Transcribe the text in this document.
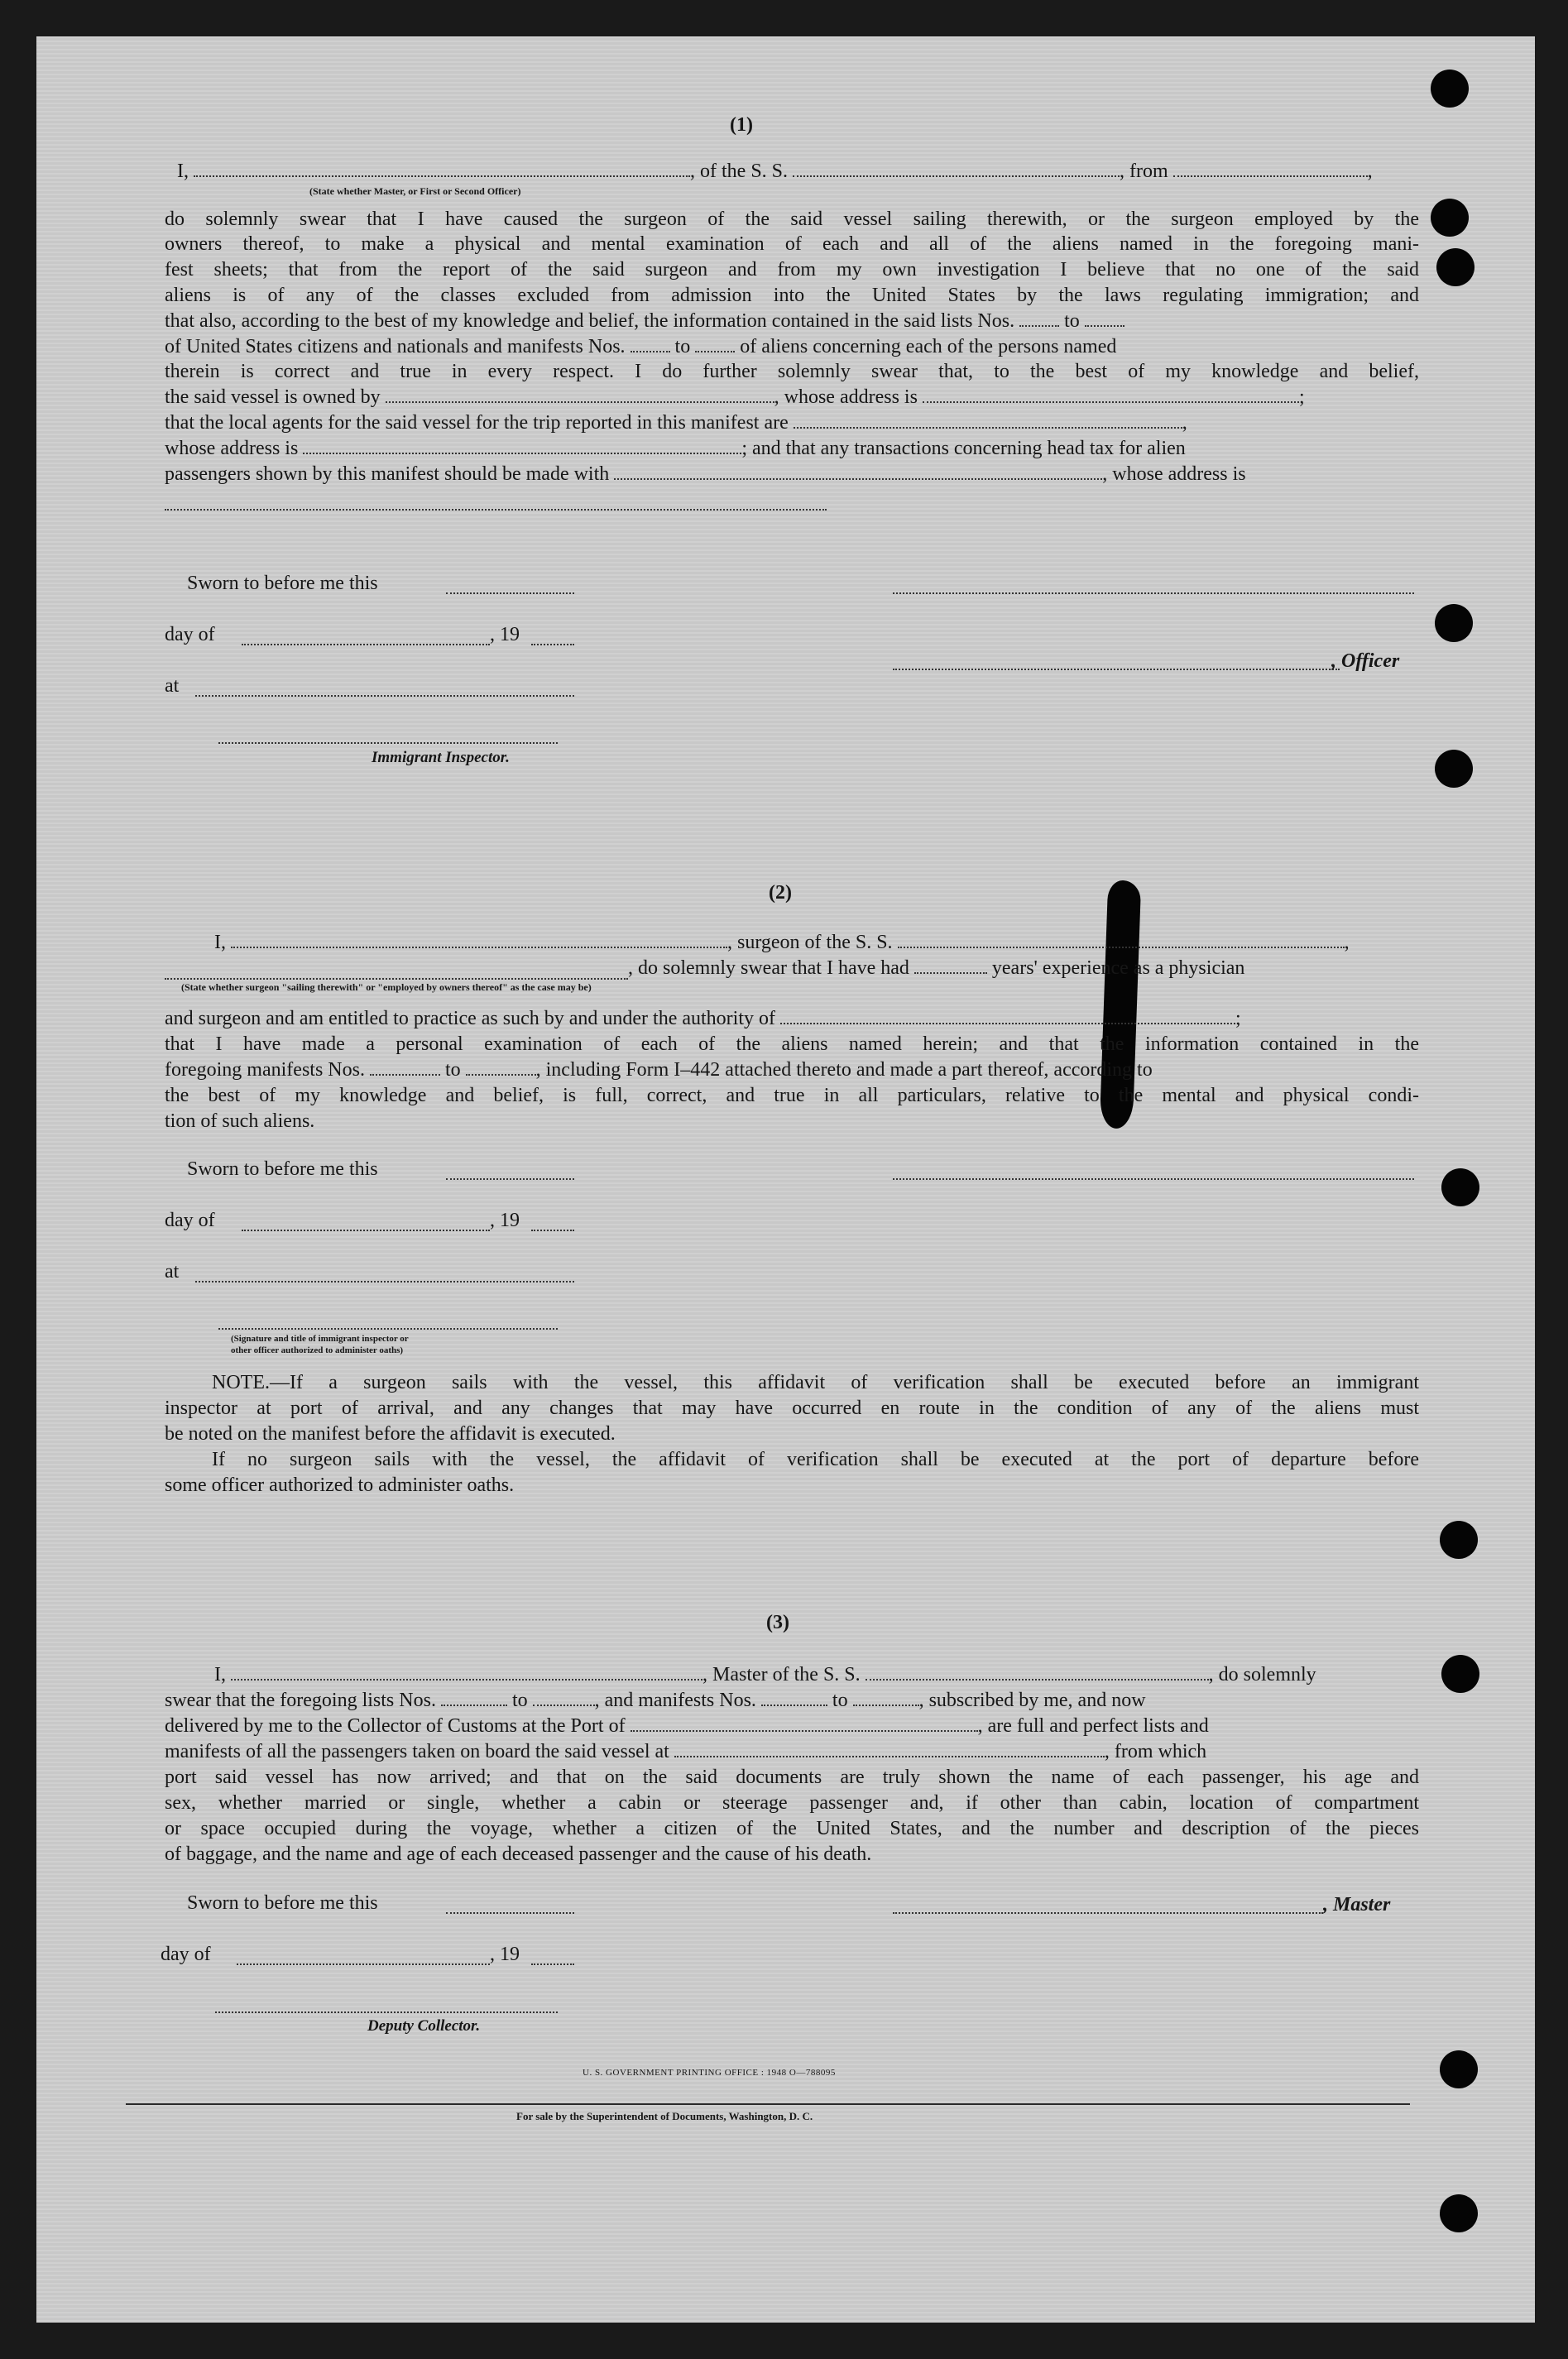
(1)
I,	, of the S. S.	, from	,
(State whether Master, or First or Second Officer)
do solemnly swear that I have caused the surgeon of the said vessel sailing therewith, or the surgeon employed by the
owners thereof, to make a physical and mental examination of each and all of the aliens named in the foregoing mani-
fest sheets; that from the report of the said surgeon and from my own investigation I believe that no one of the said
aliens is of any of the classes excluded from admission into the United States by the laws regulating immigration; and
that also, according to the best of my knowledge and belief, the information contained in the said lists Nos.	to
of United States citizens and nationals and manifests Nos.	to	of aliens concerning each of the persons named
therein is correct and true in every respect. I do further solemnly swear that, to the best of my knowledge and belief,
the said vessel is owned by	, whose address is	;
that the local agents for the said vessel for the trip reported in this manifest are	,
whose address is	; and that any transactions concerning head tax for alien
passengers shown by this manifest should be made with	, whose address is
Sworn to before me this
day of	, 19
, Officer
at
Immigrant Inspector.
(2)
I,	, surgeon of the S. S.	,
, do solemnly swear that I have had	years' experience as a physician
(State whether surgeon "sailing therewith" or "employed by owners thereof" as the case may be)
and surgeon and am entitled to practice as such by and under the authority of	;
that I have made a personal examination of each of the aliens named herein; and that the information contained in the
foregoing manifests Nos.	to	, including Form I–442 attached thereto and made a part thereof, according to
the best of my knowledge and belief, is full, correct, and true in all particulars, relative to the mental and physical condi-
tion of such aliens.
Sworn to before me this
day of	, 19
at
(Signature and title of immigrant inspector or
other officer authorized to administer oaths)
NOTE.—If a surgeon sails with the vessel, this affidavit of verification shall be executed before an immigrant
inspector at port of arrival, and any changes that may have occurred en route in the condition of any of the aliens must
be noted on the manifest before the affidavit is executed.
If no surgeon sails with the vessel, the affidavit of verification shall be executed at the port of departure before
some officer authorized to administer oaths.
(3)
I,	, Master of the S. S.	, do solemnly
swear that the foregoing lists Nos.	to	, and manifests Nos.	to	, subscribed by me, and now
delivered by me to the Collector of Customs at the Port of	, are full and perfect lists and
manifests of all the passengers taken on board the said vessel at	, from which
port said vessel has now arrived; and that on the said documents are truly shown the name of each passenger, his age and
sex, whether married or single, whether a cabin or steerage passenger and, if other than cabin, location of compartment
or space occupied during the voyage, whether a citizen of the United States, and the number and description of the pieces
of baggage, and the name and age of each deceased passenger and the cause of his death.
Sworn to before me this	, Master
day of	, 19
Deputy Collector.
U. S. GOVERNMENT PRINTING OFFICE : 1948 O—788095
For sale by the Superintendent of Documents, Washington, D. C.
